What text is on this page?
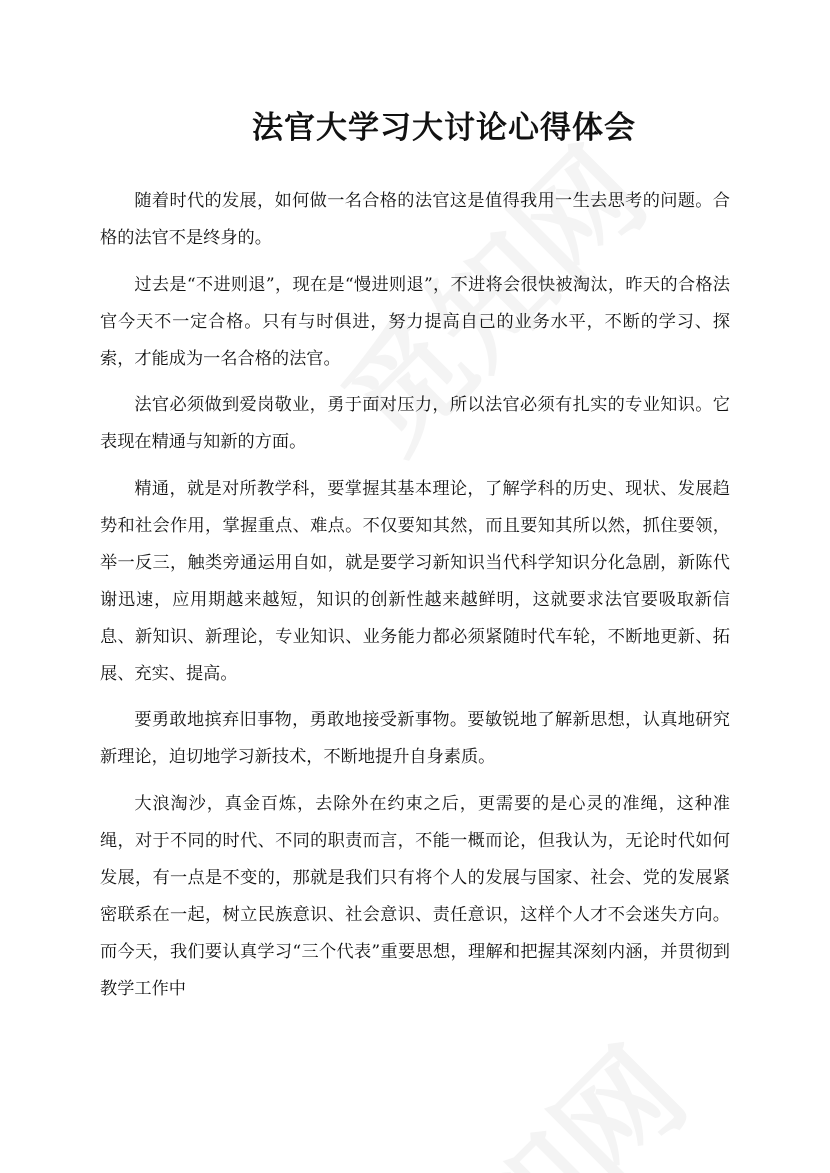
法官大学习大讨论心得体会

随着时代的发展，如何做一名合格的法官这是值得我用一生去思考的问题。合格的法官不是终身的。

过去是“不进则退”，现在是“慢进则退”，不进将会很快被淘汰，昨天的合格法官今天不一定合格。只有与时俱进，努力提高自己的业务水平，不断的学习、探索，才能成为一名合格的法官。

法官必须做到爱岗敬业，勇于面对压力，所以法官必须有扎实的专业知识。它表现在精通与知新的方面。

精通，就是对所教学科，要掌握其基本理论，了解学科的历史、现状、发展趋势和社会作用，掌握重点、难点。不仅要知其然，而且要知其所以然，抓住要领，举一反三，触类旁通运用自如，就是要学习新知识当代科学知识分化急剧，新陈代谢迅速，应用期越来越短，知识的创新性越来越鲜明，这就要求法官要吸取新信息、新知识、新理论，专业知识、业务能力都必须紧随时代车轮，不断地更新、拓展、充实、提高。

要勇敢地摈弃旧事物，勇敢地接受新事物。要敏锐地了解新思想，认真地研究新理论，迫切地学习新技术，不断地提升自身素质。

大浪淘沙，真金百炼，去除外在约束之后，更需要的是心灵的准绳，这种准绳，对于不同的时代、不同的职责而言，不能一概而论，但我认为，无论时代如何发展，有一点是不变的，那就是我们只有将个人的发展与国家、社会、党的发展紧密联系在一起，树立民族意识、社会意识、责任意识，这样个人才不会迷失方向。而今天，我们要认真学习“三个代表”重要思想，理解和把握其深刻内涵，并贯彻到教学工作中
